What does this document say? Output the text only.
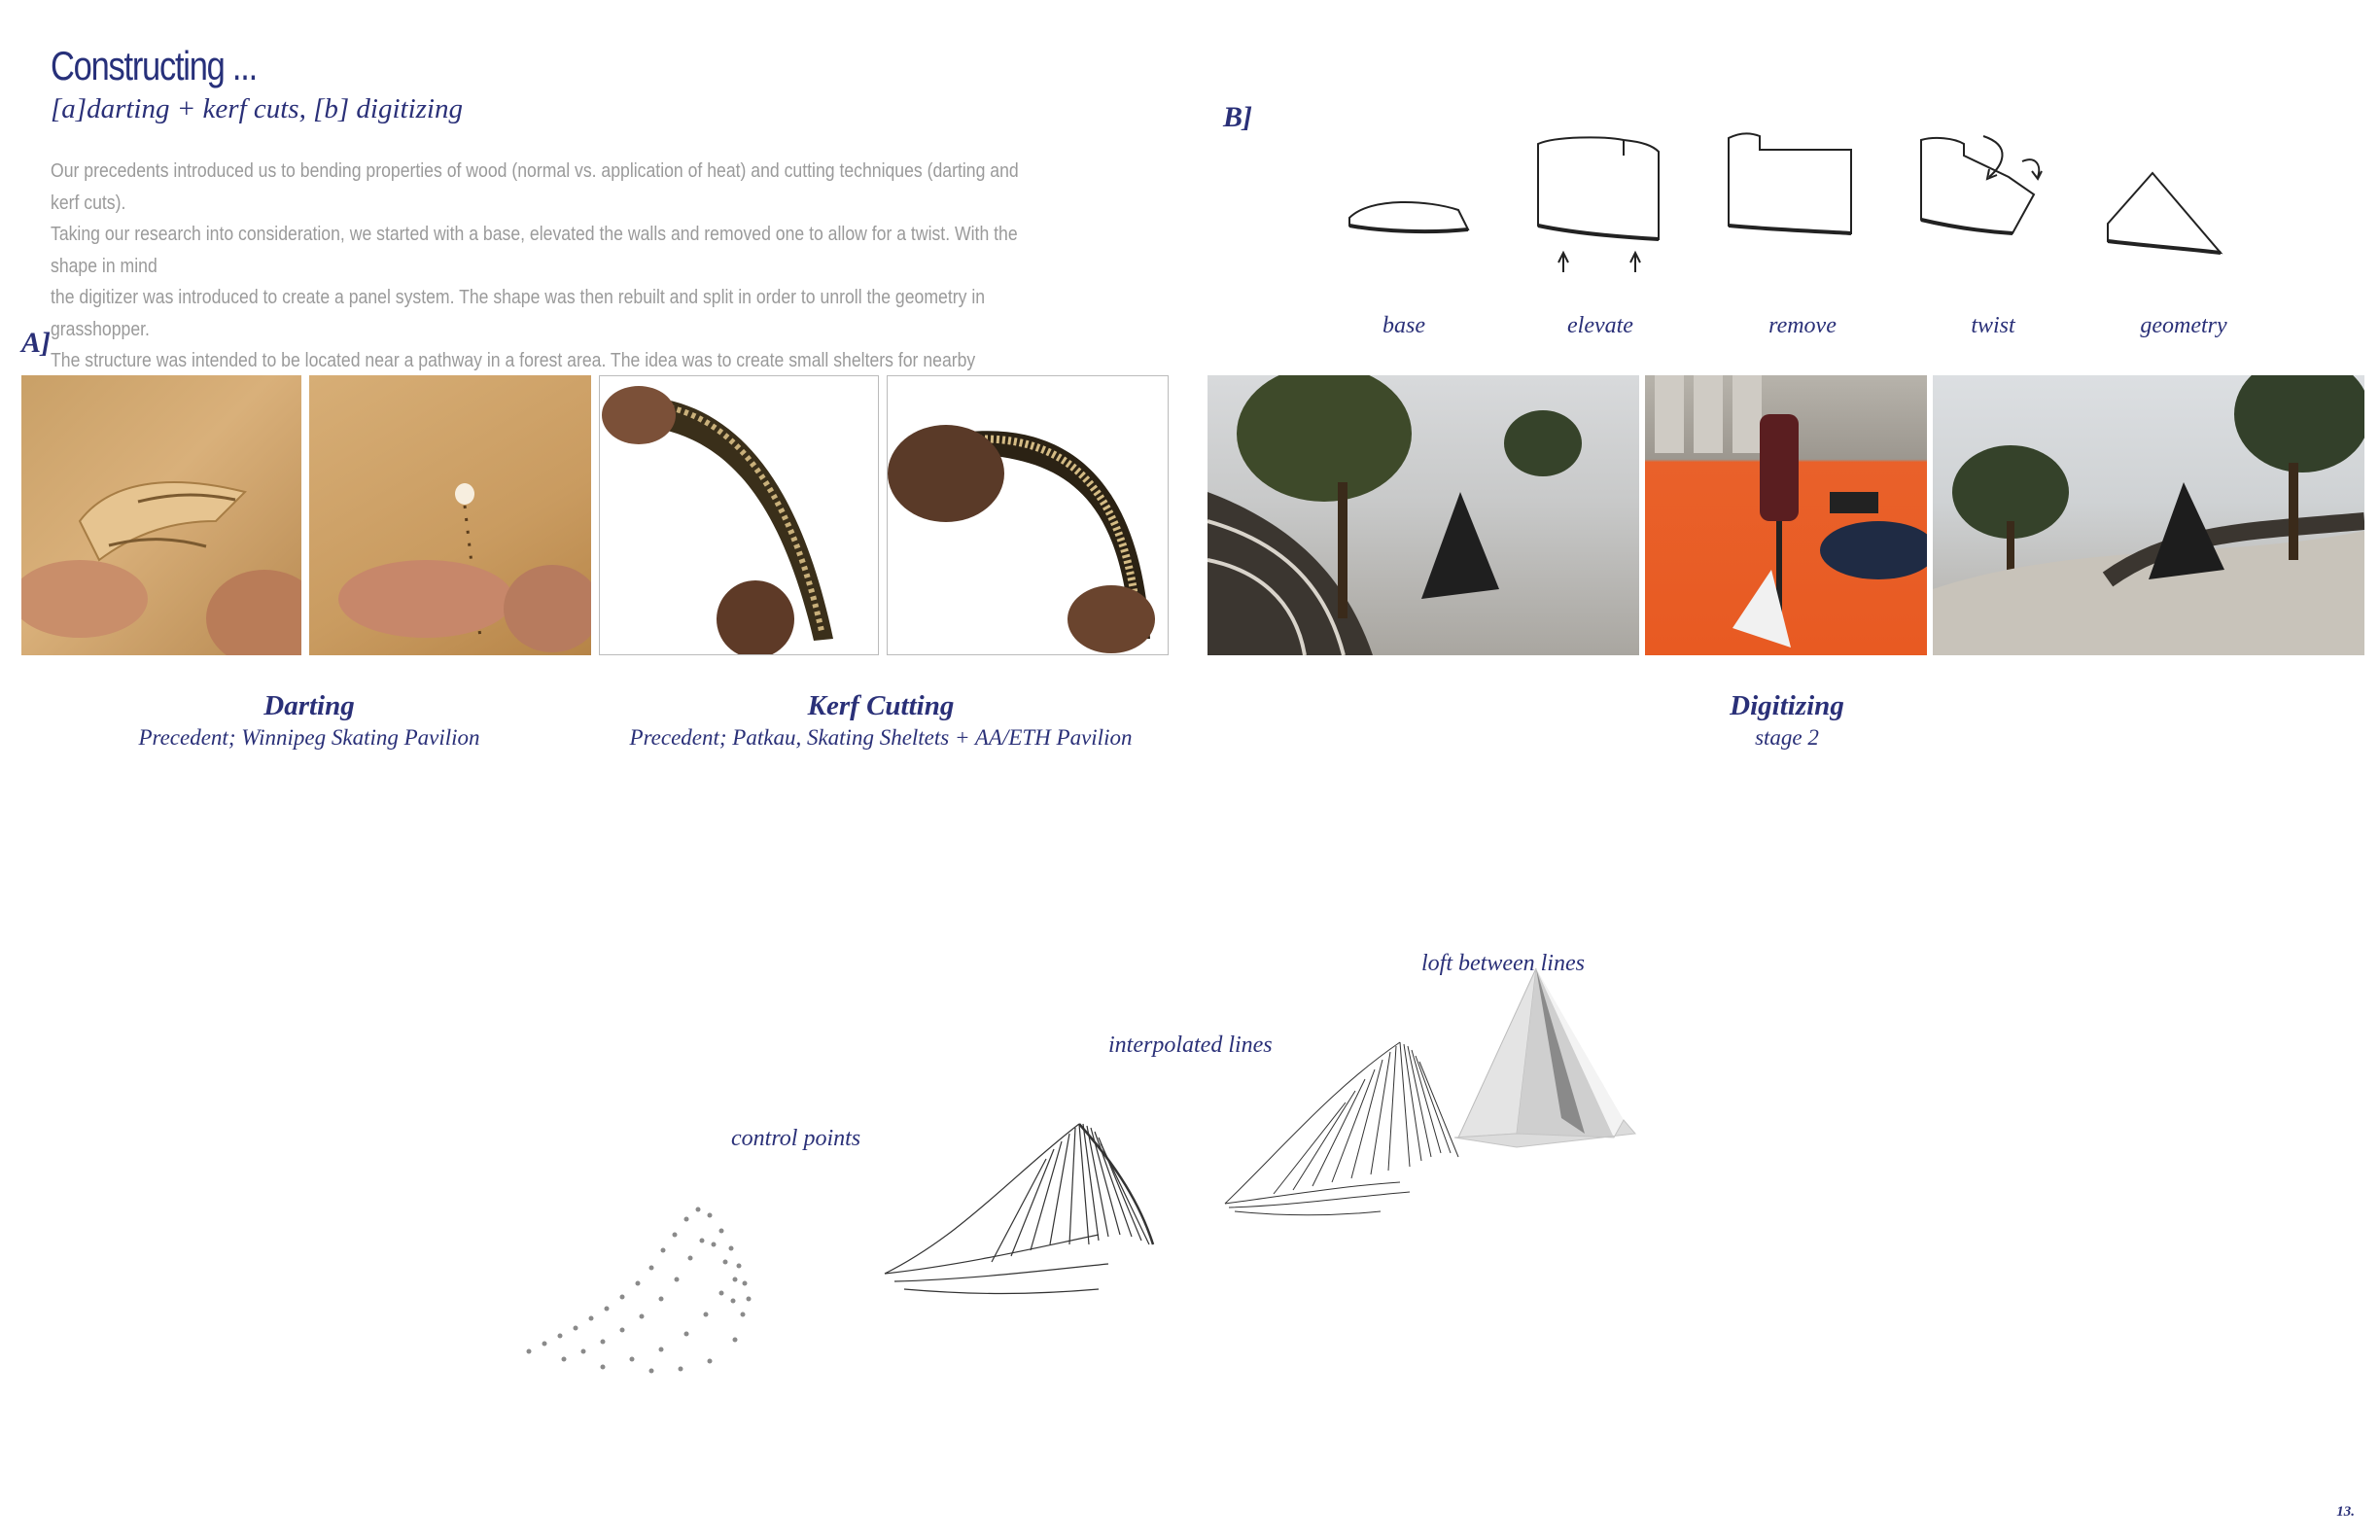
Constructing ...
[a]darting + kerf cuts, [b] digitizing
Our precedents introduced us to bending properties of wood (normal vs. application of heat) and cutting techniques (darting and kerf cuts).
Taking our research into consideration, we started with a base, elevated the walls and removed one to allow for a twist. With the shape in mind
the digitizer was introduced to create a panel system. The shape was then rebuilt and split in order to unroll the geometry in grasshopper.
The structure was intended to be located near a pathway in a forest area. The idea was to create small shelters for nearby
A]
B]
base	elevate	remove	twist	geometry
Darting
Precedent; Winnipeg Skating Pavilion
Kerf Cutting
Precedent; Patkau, Skating Sheltets + AA/ETH Pavilion
Digitizing
stage 2
control points
interpolated lines
loft between lines
13.
